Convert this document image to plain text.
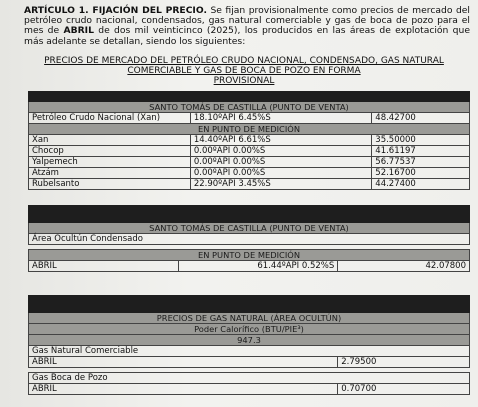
ARTÍCULO 1. FIJACIÓN DEL PRECIO. Se fijan provisionalmente como precios de mercado del petróleo crudo nacional, condensados, gas natural comerciable y gas de boca de pozo para el mes de ABRIL de dos mil veinticinco (2025), los producidos en las áreas de explotación que más adelante se detallan, siendo los siguientes:
PRECIOS DE MERCADO DEL PETRÓLEO CRUDO NACIONAL, CONDENSADO, GAS NATURAL
COMERCIABLE Y GAS DE BOCA DE POZO EN FORMA
PROVISIONAL

SANTO TOMÁS DE CASTILLA (PUNTO DE VENTA)		
Petróleo Crudo Nacional (Xan)	18.10ºAPI 6.45%S	48.42700
EN PUNTO DE MEDICIÓN		
Xan	14.40ºAPI 6.61%S	35.50000
Chocop	0.00ºAPI 0.00%S	41.61197
Yalpemech	0.00ºAPI 0.00%S	56.77537
Atzám	0.00ºAPI 0.00%S	52.16700
Rubelsanto	22.90ºAPI 3.45%S	44.27400

SANTO TOMÁS DE CASTILLA (PUNTO DE VENTA)
Área Ocultún Condensado

EN PUNTO DE MEDICIÓN
ABRIL	61.44ºAPI 0.52%S	42.07800

PRECIOS DE GAS NATURAL (ÁREA OCULTÚN)	
Poder Calorífico (BTU/PIE³)	
947.3	
Gas Natural Comerciable	
ABRIL	2.79500

Gas Boca de Pozo	
ABRIL	0.70700
